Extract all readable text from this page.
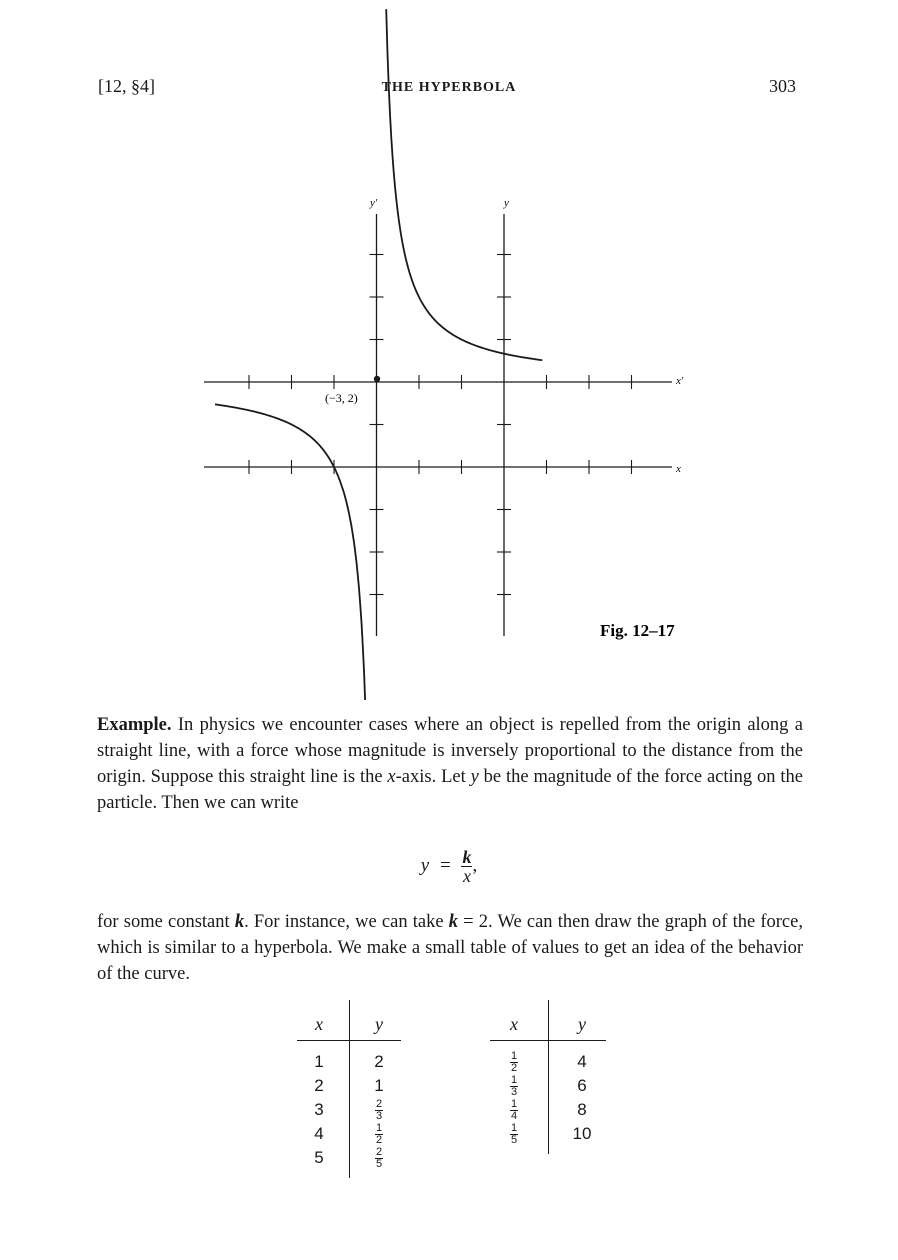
[12, §4]	THE HYPERBOLA	303
y′	y
x′
x
(−3, 2)
Fig. 12–17
Example. In physics we encounter cases where an object is repelled from the origin along a straight line, with a force whose magnitude is inversely proportional to the distance from the origin. Suppose this straight line is the x-axis. Let y be the magnitude of the force acting on the particle. Then we can write
$y = \frac{k}{x}$ ,
for some constant k. For instance, we can take k = 2. We can then draw the graph of the force, which is similar to a hyperbola. We make a small table of values to get an idea of the behavior of the curve.
x	y
1	2
2	1
3	$\frac{2}{3}$
4	$\frac{1}{2}$
5	$\frac{2}{5}$
x	y
$\frac{1}{2}$	4
$\frac{1}{3}$	6
$\frac{1}{4}$	8
$\frac{1}{5}$	10
